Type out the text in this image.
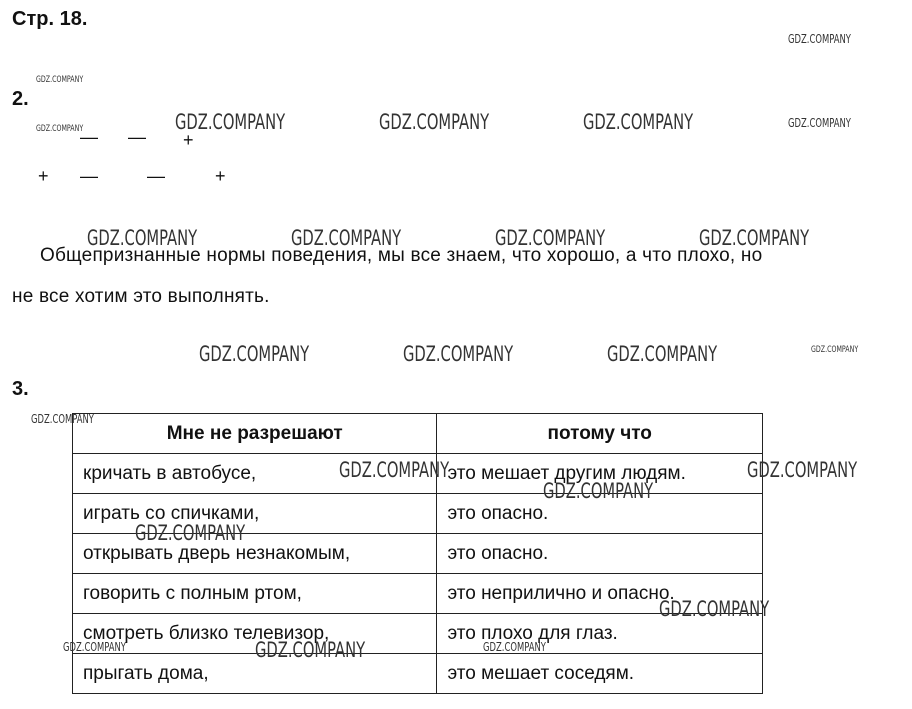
Стр. 18.
2.
— — +
+ —	—	+
Общепризнанные нормы поведения, мы все знаем, что хорошо, а что плохо, но
не все хотим это выполнять.
3.
Мне не разрешают	потому что
кричать в автобусе,	это мешает другим людям.
играть со спичками,	это опасно.
открывать дверь незнакомым,	это опасно.
говорить с полным ртом,	это неприлично и опасно.
смотреть близко телевизор,	это плохо для глаз.
прыгать дома,	это мешает соседям.
GDZ.COMPANY
GDZ.COMPANY
GDZ.COMPANY	GDZ.COMPANY	GDZ.COMPANY	GDZ.COMPANY	GDZ.COMPANY
GDZ.COMPANY	GDZ.COMPANY	GDZ.COMPANY	GDZ.COMPANY
GDZ.COMPANY	GDZ.COMPANY	GDZ.COMPANY	GDZ.COMPANY
GDZ.COMPANY
GDZ.COMPANY	GDZ.COMPANY
GDZ.COMPANY
GDZ.COMPANY
GDZ.COMPANY
GDZ.COMPANY	GDZ.COMPANY
GDZ.COMPANY
